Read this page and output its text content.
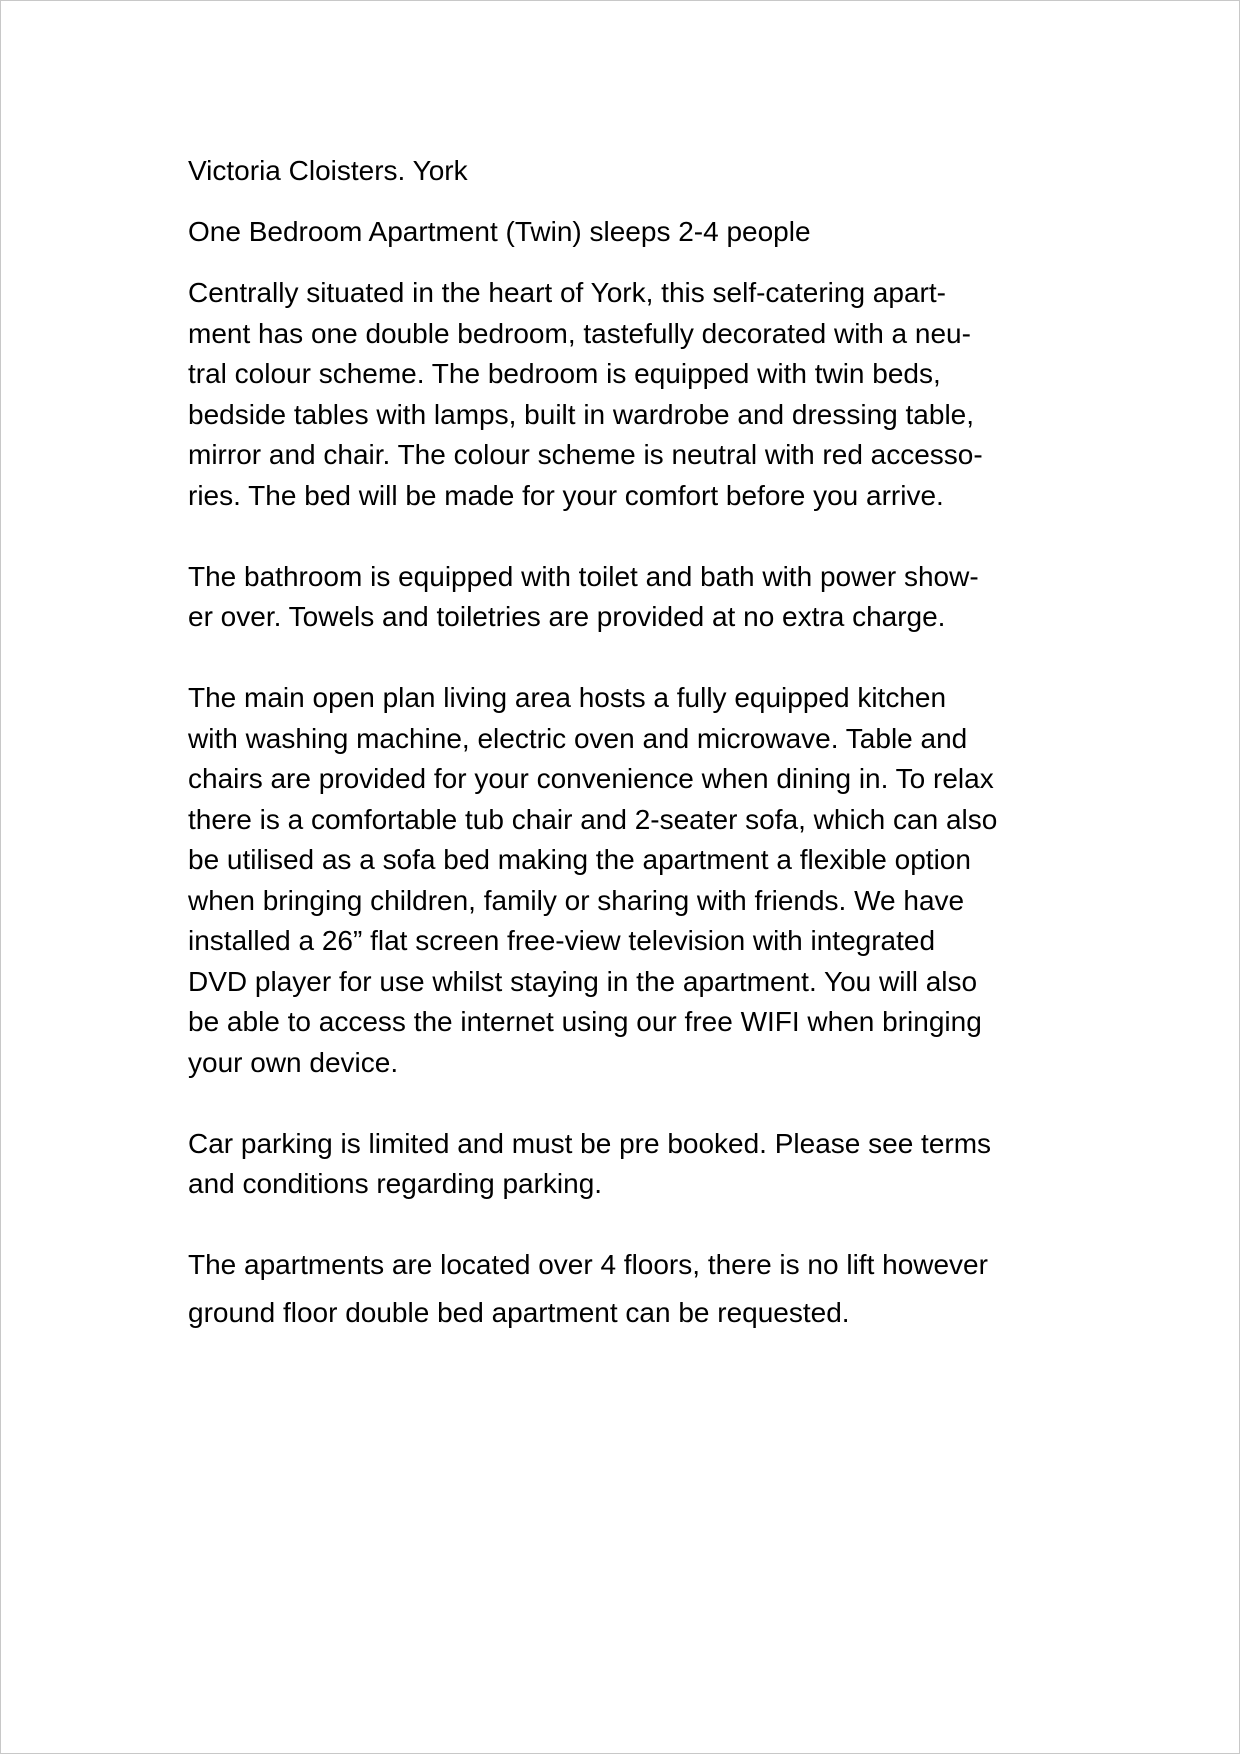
Victoria Cloisters. York
One Bedroom Apartment (Twin) sleeps 2-4 people
Centrally situated in the heart of York, this self-catering apart-
ment has one double bedroom, tastefully decorated with a neu-
tral colour scheme. The bedroom is equipped with twin beds,
bedside tables with lamps, built in wardrobe and dressing table,
mirror and chair. The colour scheme is neutral with red accesso-
ries. The bed will be made for your comfort before you arrive.
The bathroom is equipped with toilet and bath with power show-
er over. Towels and toiletries are provided at no extra charge.
The main open plan living area hosts a fully equipped kitchen
with washing machine, electric oven and microwave. Table and
chairs are provided for your convenience when dining in. To relax
there is a comfortable tub chair and 2-seater sofa, which can also
be utilised as a sofa bed making the apartment a flexible option
when bringing children, family or sharing with friends. We have
installed a 26” flat screen free-view television with integrated
DVD player for use whilst staying in the apartment. You will also
be able to access the internet using our free WIFI when bringing
your own device.
Car parking is limited and must be pre booked. Please see terms
and conditions regarding parking.
The apartments are located over 4 floors, there is no lift however
ground floor double bed apartment can be requested.
